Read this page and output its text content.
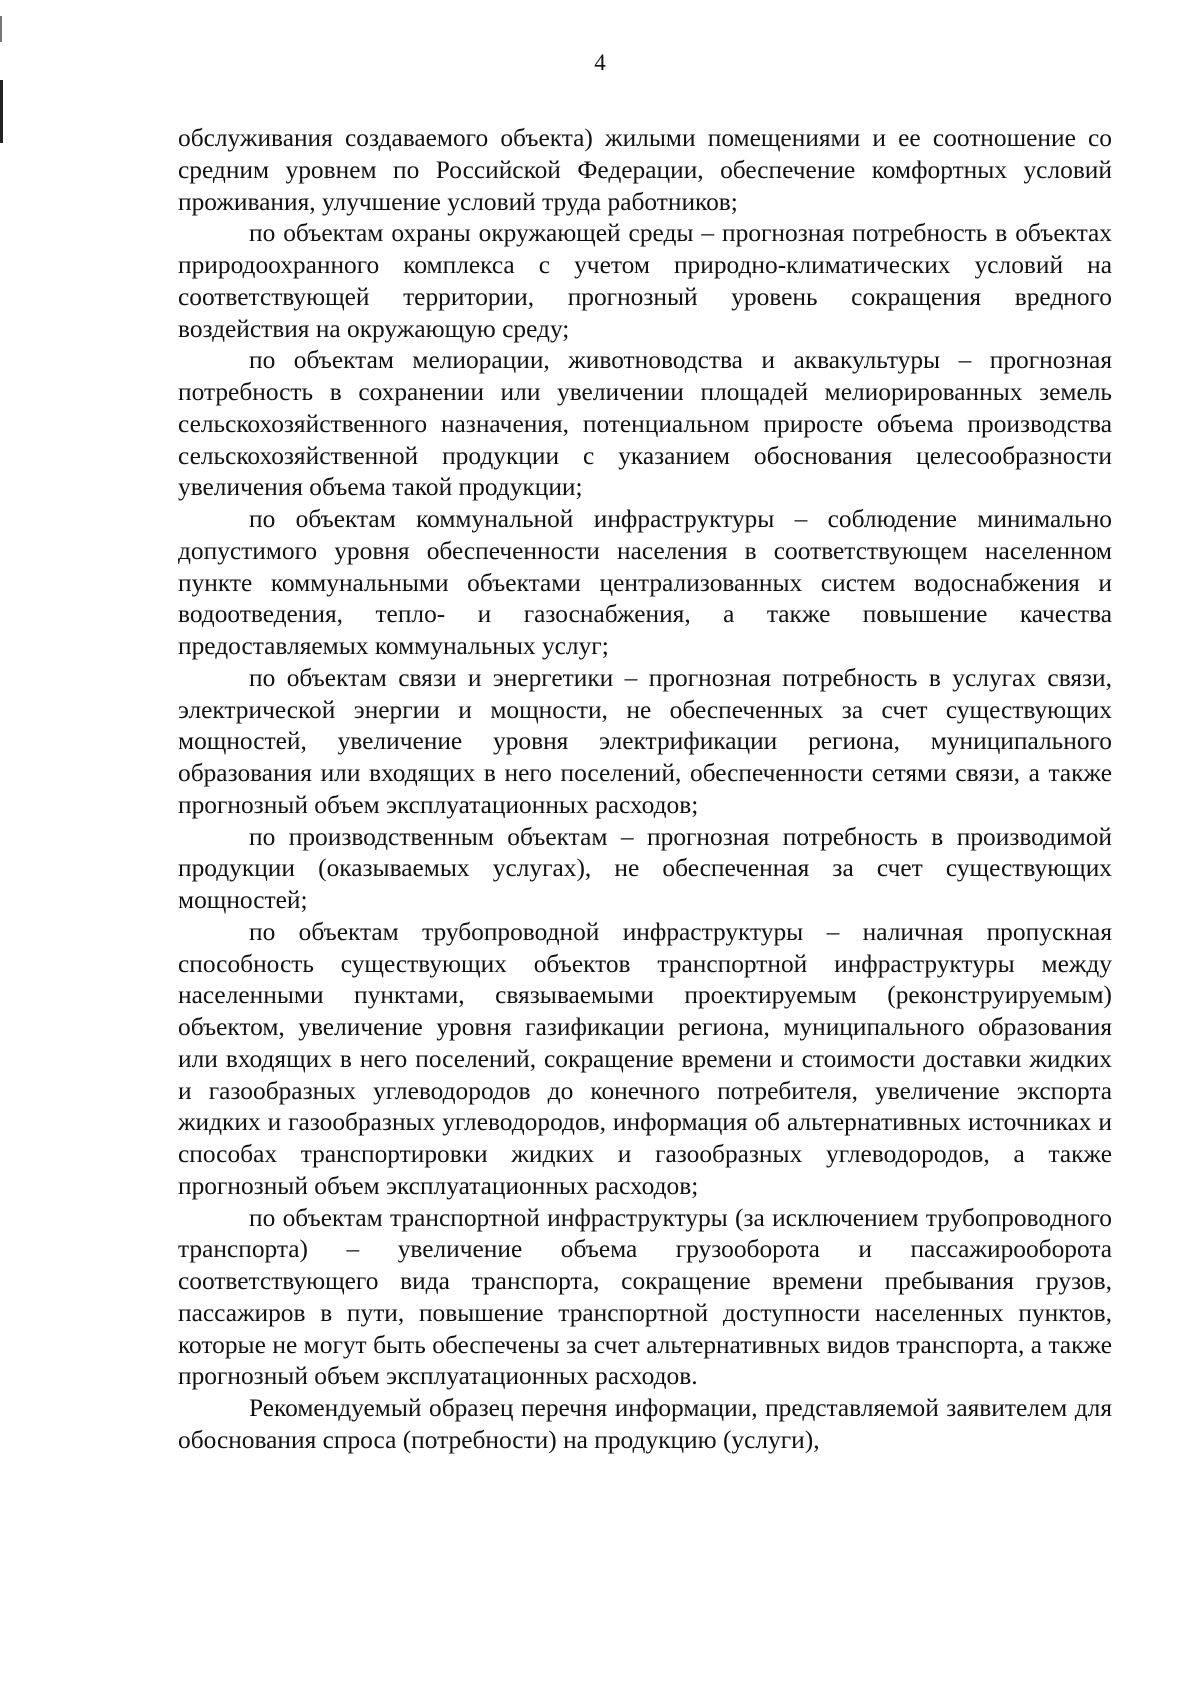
4

обслуживания создаваемого объекта) жилыми помещениями и ее соотношение со средним уровнем по Российской Федерации, обеспечение комфортных условий проживания, улучшение условий труда работников;

по объектам охраны окружающей среды – прогнозная потребность в объектах природоохранного комплекса с учетом природно-климатических условий на соответствующей территории, прогнозный уровень сокращения вредного воздействия на окружающую среду;

по объектам мелиорации, животноводства и аквакультуры – прогнозная потребность в сохранении или увеличении площадей мелиорированных земель сельскохозяйственного назначения, потенциальном приросте объема производства сельскохозяйственной продукции с указанием обоснования целесообразности увеличения объема такой продукции;

по объектам коммунальной инфраструктуры – соблюдение минимально допустимого уровня обеспеченности населения в соответствующем населенном пункте коммунальными объектами централизованных систем водоснабжения и водоотведения, тепло- и газоснабжения, а также повышение качества предоставляемых коммунальных услуг;

по объектам связи и энергетики – прогнозная потребность в услугах связи, электрической энергии и мощности, не обеспеченных за счет существующих мощностей, увеличение уровня электрификации региона, муниципального образования или входящих в него поселений, обеспеченности сетями связи, а также прогнозный объем эксплуатационных расходов;

по производственным объектам – прогнозная потребность в производимой продукции (оказываемых услугах), не обеспеченная за счет существующих мощностей;

по объектам трубопроводной инфраструктуры – наличная пропускная способность существующих объектов транспортной инфраструктуры между населенными пунктами, связываемыми проектируемым (реконструируемым) объектом, увеличение уровня газификации региона, муниципального образования или входящих в него поселений, сокращение времени и стоимости доставки жидких и газообразных углеводородов до конечного потребителя, увеличение экспорта жидких и газообразных углеводородов, информация об альтернативных источниках и способах транспортировки жидких и газообразных углеводородов, а также прогнозный объем эксплуатационных расходов;

по объектам транспортной инфраструктуры (за исключением трубопроводного транспорта) – увеличение объема грузооборота и пассажирооборота соответствующего вида транспорта, сокращение времени пребывания грузов, пассажиров в пути, повышение транспортной доступности населенных пунктов, которые не могут быть обеспечены за счет альтернативных видов транспорта, а также прогнозный объем эксплуатационных расходов.

Рекомендуемый образец перечня информации, представляемой заявителем для обоснования спроса (потребности) на продукцию (услуги),
